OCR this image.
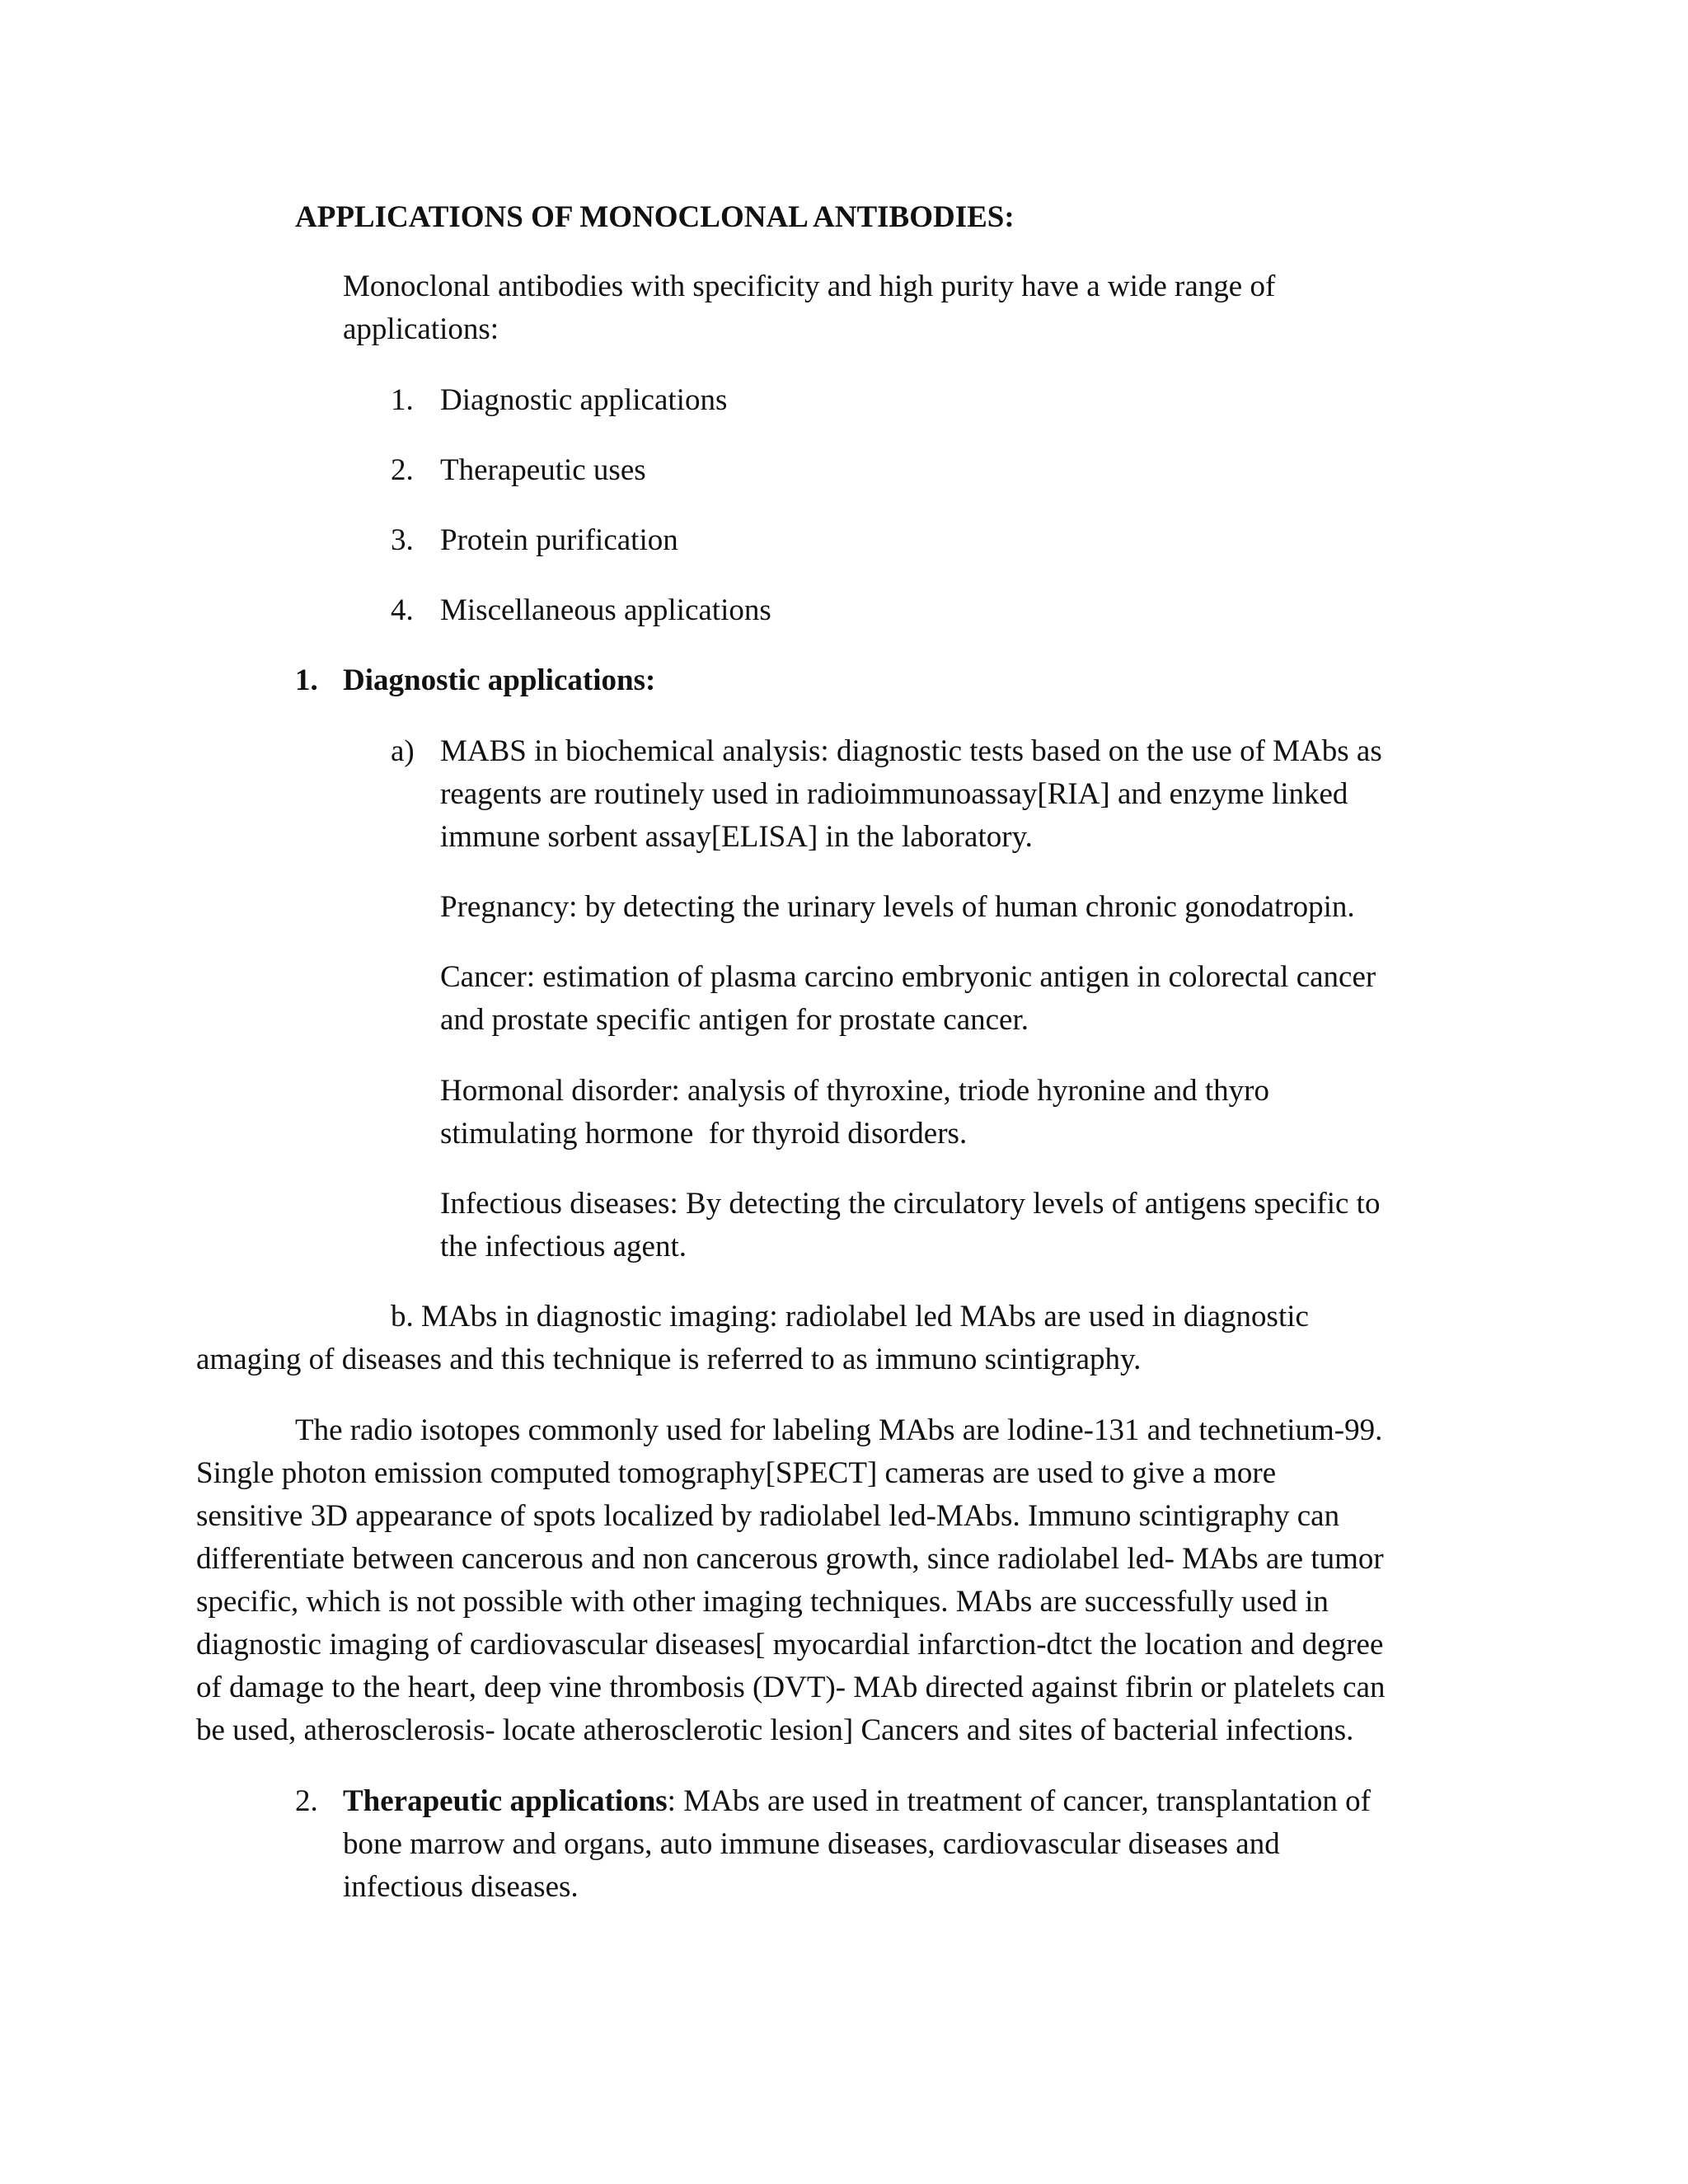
APPLICATIONS OF MONOCLONAL ANTIBODIES:
Monoclonal antibodies with specificity and high purity have a wide range of
applications:
1. Diagnostic applications
2. Therapeutic uses
3. Protein purification
4. Miscellaneous applications
1. Diagnostic applications:
a) MABS in biochemical analysis: diagnostic tests based on the use of MAbs as
reagents are routinely used in radioimmunoassay[RIA] and enzyme linked
immune sorbent assay[ELISA] in the laboratory.
Pregnancy: by detecting the urinary levels of human chronic gonodatropin.
Cancer: estimation of plasma carcino embryonic antigen in colorectal cancer
and prostate specific antigen for prostate cancer.
Hormonal disorder: analysis of thyroxine, triode hyronine and thyro
stimulating hormone  for thyroid disorders.
Infectious diseases: By detecting the circulatory levels of antigens specific to
the infectious agent.
b. MAbs in diagnostic imaging: radiolabel led MAbs are used in diagnostic
amaging of diseases and this technique is referred to as immuno scintigraphy.
The radio isotopes commonly used for labeling MAbs are lodine-131 and technetium-99.
Single photon emission computed tomography[SPECT] cameras are used to give a more
sensitive 3D appearance of spots localized by radiolabel led-MAbs. Immuno scintigraphy can
differentiate between cancerous and non cancerous growth, since radiolabel led- MAbs are tumor
specific, which is not possible with other imaging techniques. MAbs are successfully used in
diagnostic imaging of cardiovascular diseases[ myocardial infarction-dtct the location and degree
of damage to the heart, deep vine thrombosis (DVT)- MAb directed against fibrin or platelets can
be used, atherosclerosis- locate atherosclerotic lesion] Cancers and sites of bacterial infections.
2. Therapeutic applications: MAbs are used in treatment of cancer, transplantation of
bone marrow and organs, auto immune diseases, cardiovascular diseases and
infectious diseases.
